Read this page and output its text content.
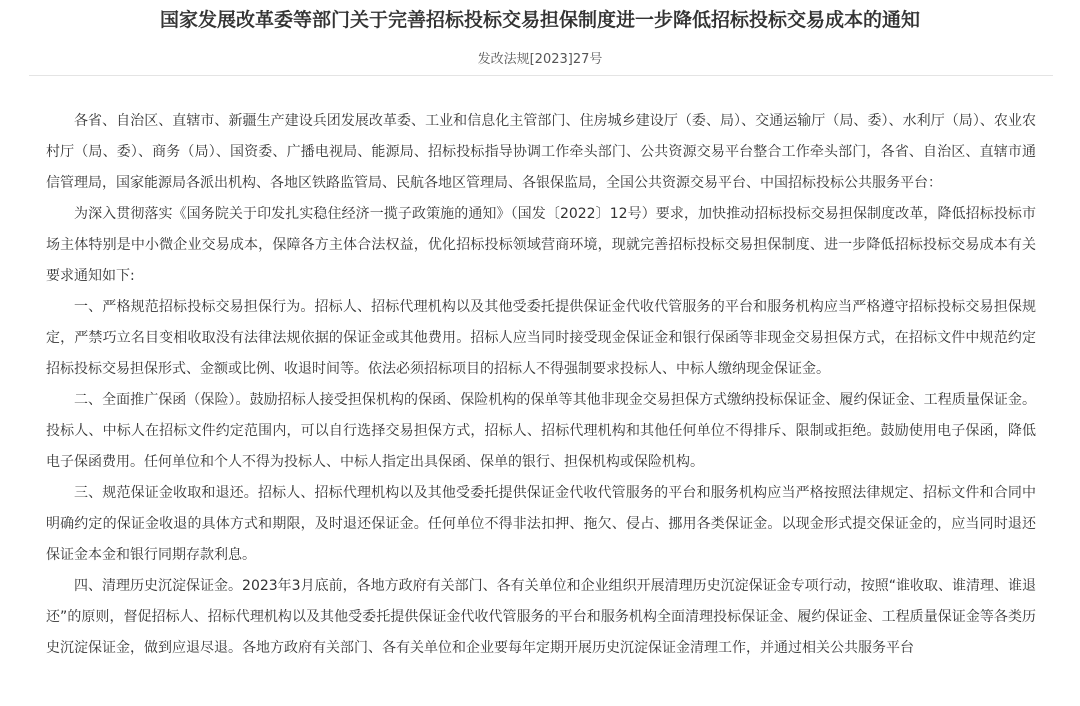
国家发展改革委等部门关于完善招标投标交易担保制度进一步降低招标投标交易成本的通知
发改法规[2023]27号

各省、自治区、直辖市、新疆生产建设兵团发展改革委、工业和信息化主管部门、住房城乡建设厅（委、局）、交通运输厅（局、委）、水利厅（局）、农业农村厅（局、委）、商务（局）、国资委、广播电视局、能源局、招标投标指导协调工作牵头部门、公共资源交易平台整合工作牵头部门，各省、自治区、直辖市通信管理局，国家能源局各派出机构、各地区铁路监管局、民航各地区管理局、各银保监局，全国公共资源交易平台、中国招标投标公共服务平台：

为深入贯彻落实《国务院关于印发扎实稳住经济一揽子政策施的通知》（国发〔2022〕12号）要求，加快推动招标投标交易担保制度改革，降低招标投标市场主体特别是中小微企业交易成本，保障各方主体合法权益，优化招标投标领域营商环境，现就完善招标投标交易担保制度、进一步降低招标投标交易成本有关要求通知如下:

一、严格规范招标投标交易担保行为。招标人、招标代理机构以及其他受委托提供保证金代收代管服务的平台和服务机构应当严格遵守招标投标交易担保规定，严禁巧立名目变相收取没有法律法规依据的保证金或其他费用。招标人应当同时接受现金保证金和银行保函等非现金交易担保方式，在招标文件中规范约定招标投标交易担保形式、金额或比例、收退时间等。依法必须招标项目的招标人不得强制要求投标人、中标人缴纳现金保证金。

二、全面推广保函（保险）。鼓励招标人接受担保机构的保函、保险机构的保单等其他非现金交易担保方式缴纳投标保证金、履约保证金、工程质量保证金。投标人、中标人在招标文件约定范围内，可以自行选择交易担保方式，招标人、招标代理机构和其他任何单位不得排斥、限制或拒绝。鼓励使用电子保函，降低电子保函费用。任何单位和个人不得为投标人、中标人指定出具保函、保单的银行、担保机构或保险机构。

三、规范保证金收取和退还。招标人、招标代理机构以及其他受委托提供保证金代收代管服务的平台和服务机构应当严格按照法律规定、招标文件和合同中明确约定的保证金收退的具体方式和期限，及时退还保证金。任何单位不得非法扣押、拖欠、侵占、挪用各类保证金。以现金形式提交保证金的，应当同时退还保证金本金和银行同期存款利息。

四、清理历史沉淀保证金。2023年3月底前，各地方政府有关部门、各有关单位和企业组织开展清理历史沉淀保证金专项行动，按照“谁收取、谁清理、谁退还”的原则，督促招标人、招标代理机构以及其他受委托提供保证金代收代管服务的平台和服务机构全面清理投标保证金、履约保证金、工程质量保证金等各类历史沉淀保证金，做到应退尽退。各地方政府有关部门、各有关单位和企业要每年定期开展历史沉淀保证金清理工作，并通过相关公共服务平台
